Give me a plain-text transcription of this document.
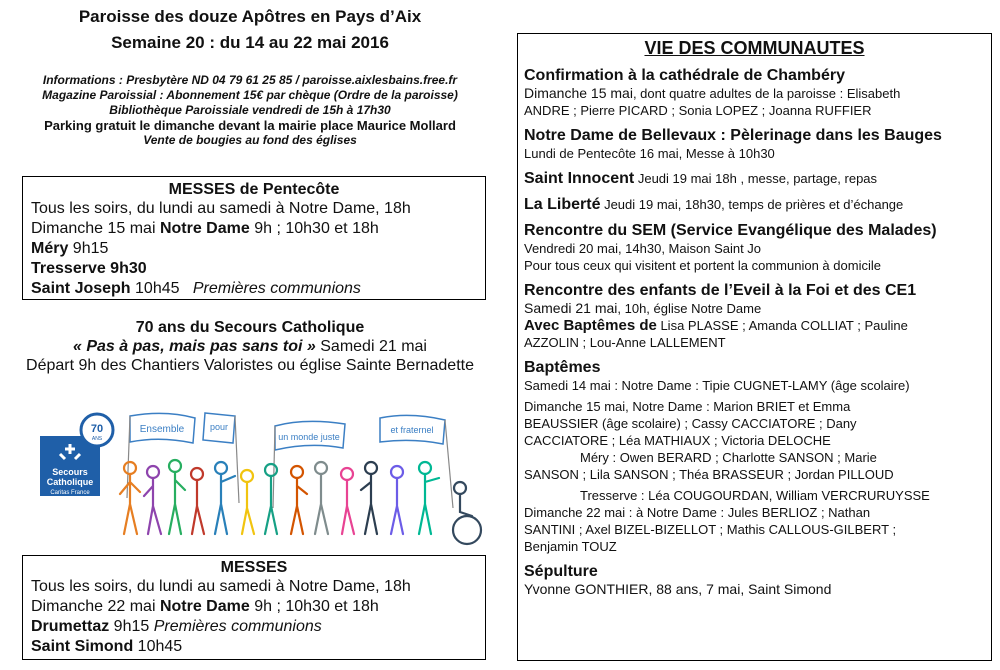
Paroisse des douze Apôtres en Pays d’Aix
Semaine 20 : du 14 au 22 mai 2016
Informations : Presbytère ND 04 79 61 25 85 / paroisse.aixlesbains.free.fr
Magazine Paroissial : Abonnement 15€ par chèque (Ordre de la paroisse)
Bibliothèque Paroissiale vendredi de 15h à 17h30
Parking gratuit le dimanche devant la mairie place Maurice Mollard
Vente de bougies au fond des églises
MESSES de Pentecôte
Tous les soirs, du lundi au samedi à Notre Dame, 18h
Dimanche 15 mai Notre Dame 9h ; 10h30 et 18h
Méry 9h15
Tresserve 9h30
Saint Joseph 10h45 Premières communions
70 ans du Secours Catholique
« Pas à pas, mais pas sans toi » Samedi 21 mai
Départ 9h des Chantiers Valoristes ou église Sainte Bernadette
Secours
Catholique
Caritas France
70
ANS
Ensemble	pour
un monde juste
et fraternel
MESSES
Tous les soirs, du lundi au samedi à Notre Dame, 18h
Dimanche 22 mai Notre Dame 9h ; 10h30 et 18h
Drumettaz 9h15 Premières communions
Saint Simond 10h45
VIE DES COMMUNAUTES
Confirmation à la cathédrale de Chambéry
Dimanche 15 mai, dont quatre adultes de la paroisse : Elisabeth
ANDRE ; Pierre PICARD ; Sonia LOPEZ ; Joanna RUFFIER
Notre Dame de Bellevaux : Pèlerinage dans les Bauges
Lundi de Pentecôte 16 mai, Messe à 10h30
Saint Innocent Jeudi 19 mai 18h , messe, partage, repas
La Liberté Jeudi 19 mai, 18h30, temps de prières et d’échange
Rencontre du SEM (Service Evangélique des Malades)
Vendredi 20 mai, 14h30, Maison Saint Jo
Pour tous ceux qui visitent et portent la communion à domicile
Rencontre des enfants de l’Eveil à la Foi et des CE1
Samedi 21 mai, 10h, église Notre Dame
Avec Baptêmes de Lisa PLASSE ; Amanda COLLIAT ; Pauline
AZZOLIN ; Lou-Anne LALLEMENT
Baptêmes
Samedi 14 mai : Notre Dame : Tipie CUGNET-LAMY (âge scolaire)
Dimanche 15 mai, Notre Dame : Marion BRIET et Emma
BEAUSSIER (âge scolaire) ; Cassy CACCIATORE ; Dany
CACCIATORE ; Léa MATHIAUX ; Victoria DELOCHE
Méry : Owen BERARD ; Charlotte SANSON ; Marie
SANSON ; Lila SANSON ; Théa BRASSEUR ; Jordan PILLOUD
Tresserve : Léa COUGOURDAN, William VERCRURUYSSE
Dimanche 22 mai : à Notre Dame : Jules BERLIOZ ; Nathan
SANTINI ; Axel BIZEL-BIZELLOT ; Mathis CALLOUS-GILBERT ;
Benjamin TOUZ
Sépulture
Yvonne GONTHIER, 88 ans, 7 mai, Saint Simond
